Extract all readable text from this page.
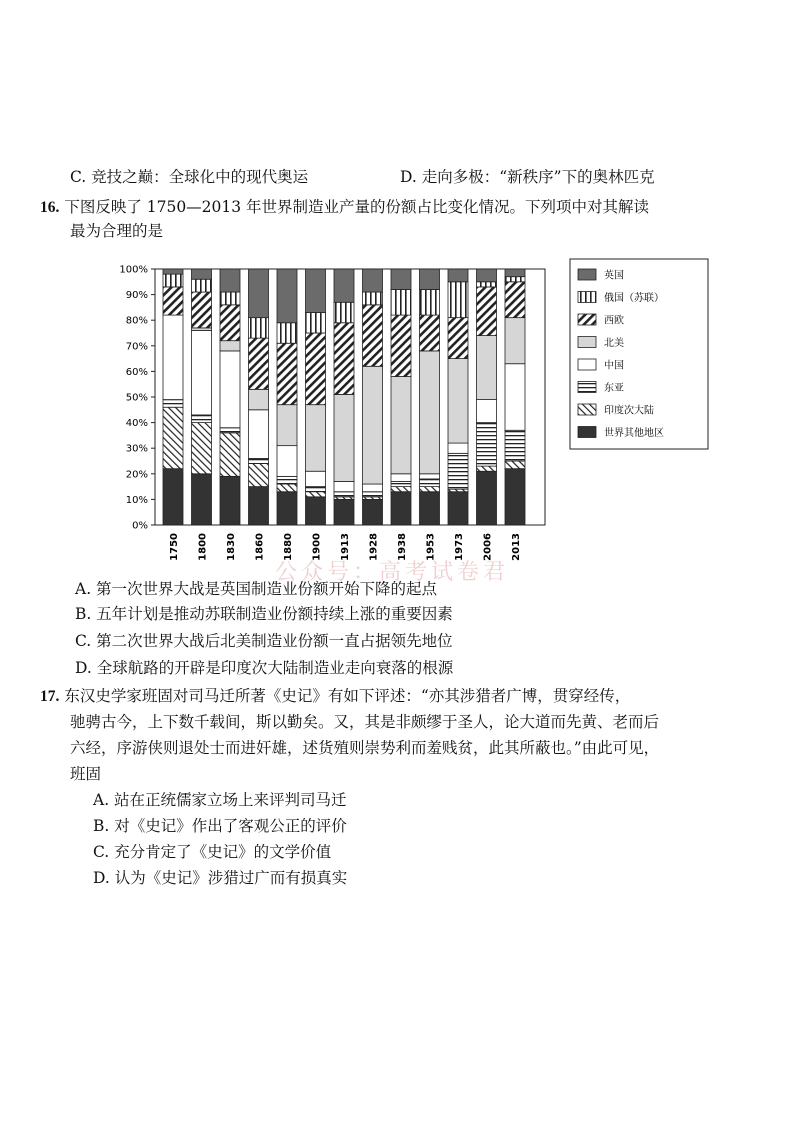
C. 竞技之巅：全球化中的现代奥运	D. 走向多极：“新秩序”下的奥林匹克
16. 下图反映了 1750—2013 年世界制造业产量的份额占比变化情况。下列项中对其解读
最为合理的是
0%
10%
20%
30%
40%
50%
60%
70%
80%
90%
100%
1750 1800 1830 1860 1880 1900 1913 1928 1938 1953 1973 2006 2013
英国
俄国（苏联）
西欧
北美
中国
东亚
印度次大陆
世界其他地区
公众号：高考试卷君
A. 第一次世界大战是英国制造业份额开始下降的起点
B. 五年计划是推动苏联制造业份额持续上涨的重要因素
C. 第二次世界大战后北美制造业份额一直占据领先地位
D. 全球航路的开辟是印度次大陆制造业走向衰落的根源
17. 东汉史学家班固对司马迁所著《史记》有如下评述：“亦其涉猎者广博，贯穿经传，
驰骋古今，上下数千载间，斯以勤矣。又，其是非颇缪于圣人，论大道而先黄、老而后
六经，序游侠则退处士而进奸雄，述货殖则崇势利而羞贱贫，此其所蔽也。”由此可见，
班固
A. 站在正统儒家立场上来评判司马迁
B. 对《史记》作出了客观公正的评价
C. 充分肯定了《史记》的文学价值
D. 认为《史记》涉猎过广而有损真实
